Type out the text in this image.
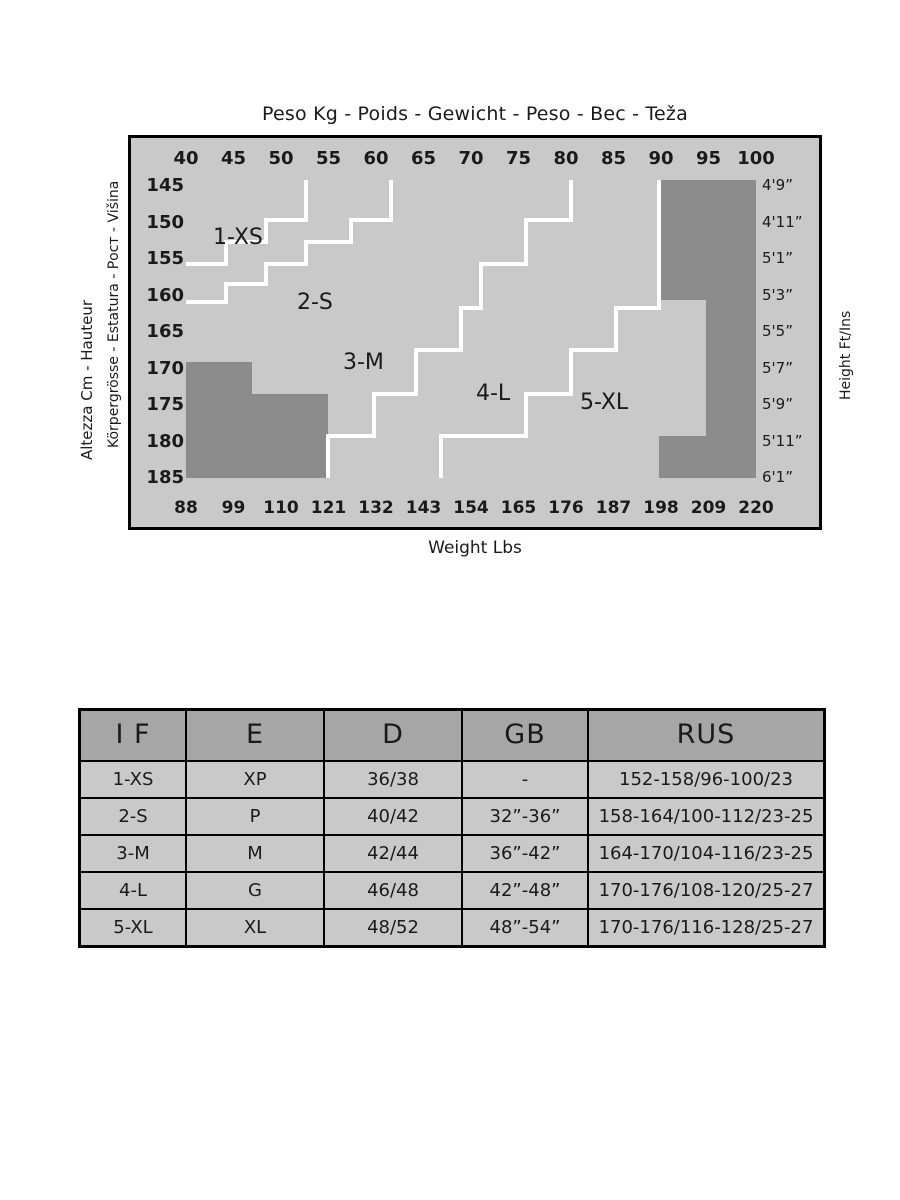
Peso Kg - Poids - Gewicht - Peso - Вес - Teža
Altezza Cm - Hauteur Körpergrösse - Estatura - Рост - Višina	Height Ft/Ins
40	45	50	55	60	65	70	75	80	85	90	95 100
88	99	110 121 132 143 154 165 176 187 198 209 220
145
150
155
160
165
170
175
180
185
4'9”
4'11”
5'1”
5'3”
5'5”
5'7”
5'9”
5'11”
6'1”
1-XS
2-S
3-M
4-L	5-XL
Weight Lbs
I F	E	D	GB	RUS
1-XS	XP	36/38	-	152-158/96-100/23
2-S	P	40/42	32”-36”	158-164/100-112/23-25
3-M	M	42/44	36”-42”	164-170/104-116/23-25
4-L	G	46/48	42”-48”	170-176/108-120/25-27
5-XL	XL	48/52	48”-54”	170-176/116-128/25-27
